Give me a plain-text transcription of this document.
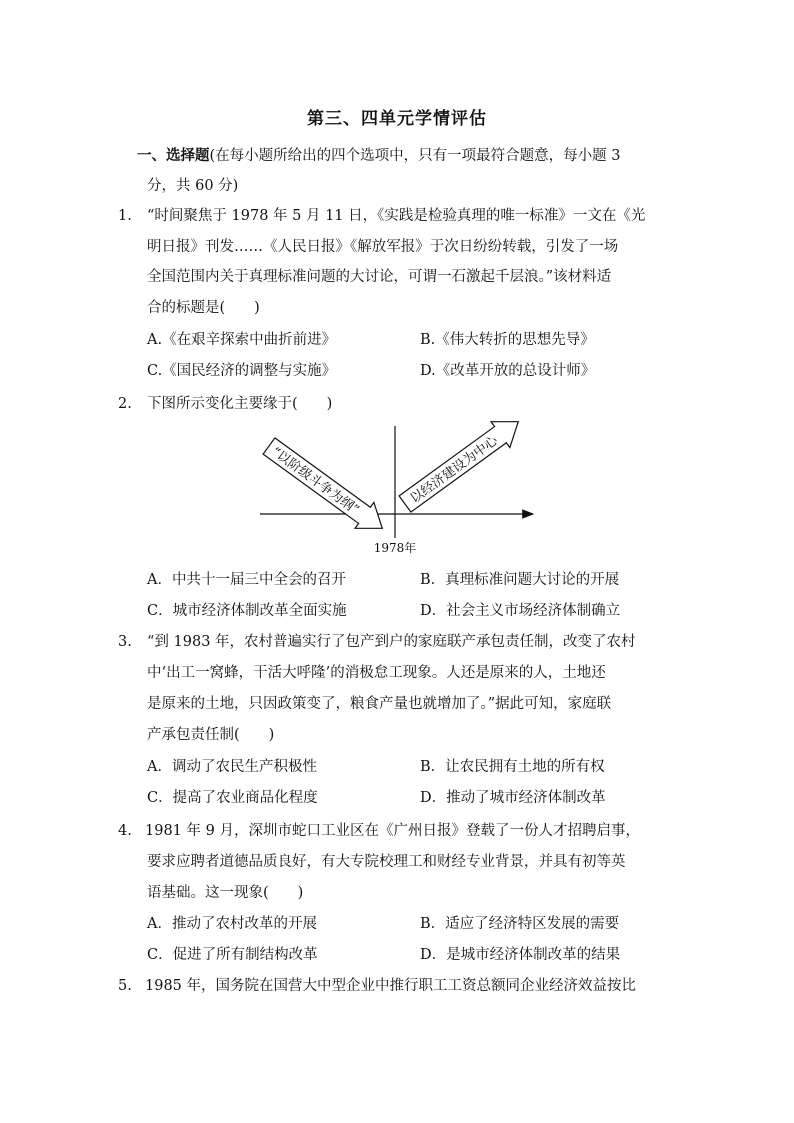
第三、四单元学情评估
一、选择题(在每小题所给出的四个选项中，只有一项最符合题意，每小题 3
分，共 60 分)
1. “时间聚焦于 1978 年 5 月 11 日，《实践是检验真理的唯一标准》一文在《光
明日报》刊发……《人民日报》《解放军报》于次日纷纷转载，引发了一场
全国范围内关于真理标准问题的大讨论，可谓一石激起千层浪。”该材料适
合的标题是(　　)
A.《在艰辛探索中曲折前进》	B.《伟大转折的思想先导》
C.《国民经济的调整与实施》	D.《改革开放的总设计师》
2. 下图所示变化主要缘于(　　)
“以阶级斗争为纲”	以经济建设为中心
1978年
A．中共十一届三中全会的召开	B．真理标准问题大讨论的开展
C．城市经济体制改革全面实施	D．社会主义市场经济体制确立
3. “到 1983 年，农村普遍实行了包产到户的家庭联产承包责任制，改变了农村
中‘出工一窝蜂，干活大呼隆’的消极怠工现象。人还是原来的人，土地还
是原来的土地，只因政策变了，粮食产量也就增加了。”据此可知，家庭联
产承包责任制(　　)
A．调动了农民生产积极性	B．让农民拥有土地的所有权
C．提高了农业商品化程度	D．推动了城市经济体制改革
4. 1981 年 9 月，深圳市蛇口工业区在《广州日报》登载了一份人才招聘启事，
要求应聘者道德品质良好，有大专院校理工和财经专业背景，并具有初等英
语基础。这一现象(　　)
A．推动了农村改革的开展	B．适应了经济特区发展的需要
C．促进了所有制结构改革	D．是城市经济体制改革的结果
5. 1985 年，国务院在国营大中型企业中推行职工工资总额同企业经济效益按比
